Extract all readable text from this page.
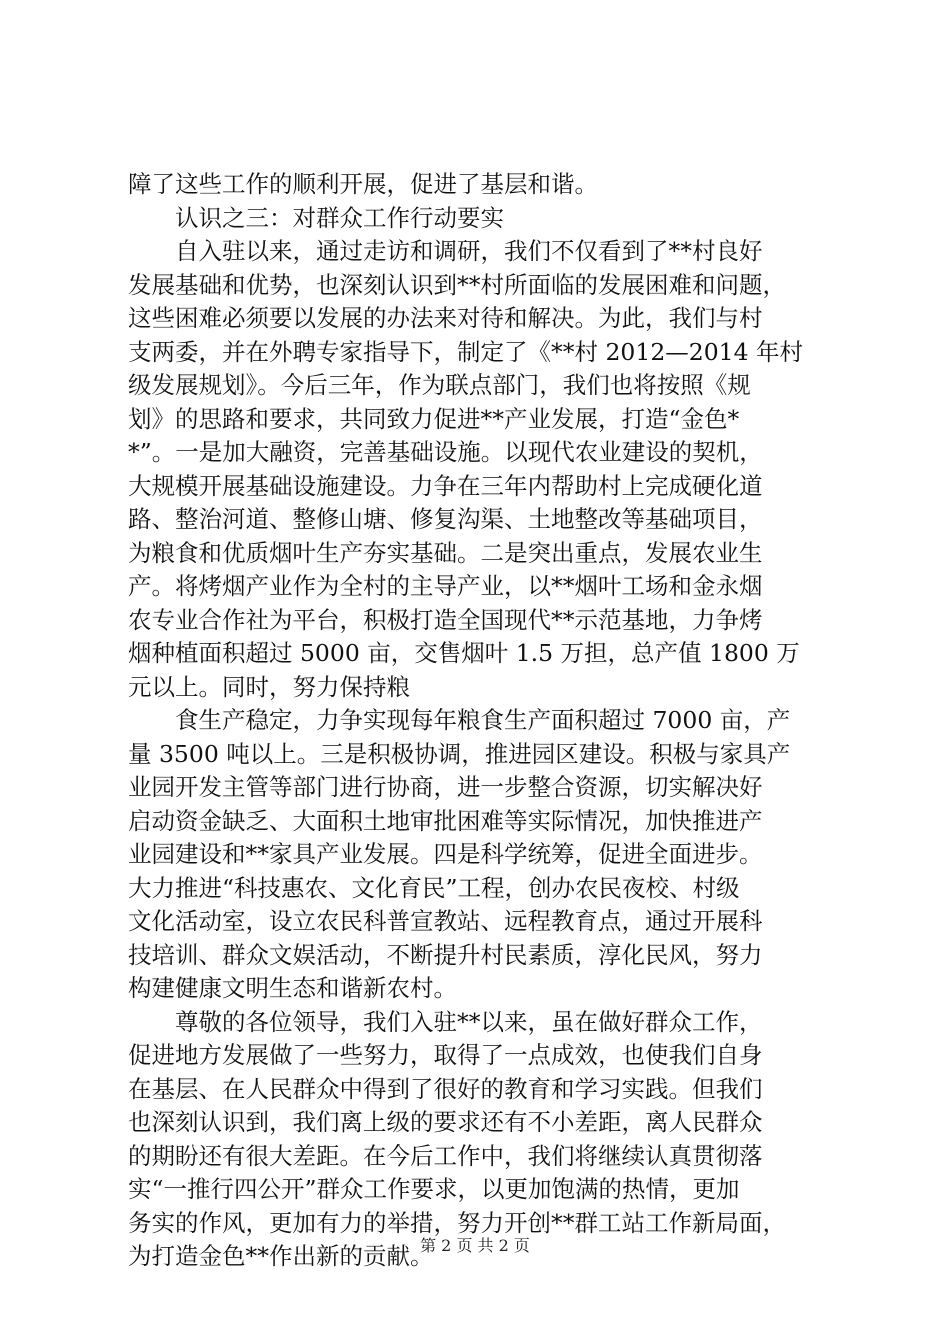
障了这些工作的顺利开展，促进了基层和谐。
认识之三：对群众工作行动要实
自入驻以来，通过走访和调研，我们不仅看到了**村良好
发展基础和优势，也深刻认识到**村所面临的发展困难和问题，
这些困难必须要以发展的办法来对待和解决。为此，我们与村
支两委，并在外聘专家指导下，制定了《**村 2012—2014 年村
级发展规划》。今后三年，作为联点部门，我们也将按照《规
划》的思路和要求，共同致力促进**产业发展，打造“金色*
*”。一是加大融资，完善基础设施。以现代农业建设的契机，
大规模开展基础设施建设。力争在三年内帮助村上完成硬化道
路、整治河道、整修山塘、修复沟渠、土地整改等基础项目，
为粮食和优质烟叶生产夯实基础。二是突出重点，发展农业生
产。将烤烟产业作为全村的主导产业，以**烟叶工场和金永烟
农专业合作社为平台，积极打造全国现代**示范基地，力争烤
烟种植面积超过 5000 亩，交售烟叶 1.5 万担，总产值 1800 万
元以上。同时，努力保持粮
食生产稳定，力争实现每年粮食生产面积超过 7000 亩，产
量 3500 吨以上。三是积极协调，推进园区建设。积极与家具产
业园开发主管等部门进行协商，进一步整合资源，切实解决好
启动资金缺乏、大面积土地审批困难等实际情况，加快推进产
业园建设和**家具产业发展。四是科学统筹，促进全面进步。
大力推进“科技惠农、文化育民”工程，创办农民夜校、村级
文化活动室，设立农民科普宣教站、远程教育点，通过开展科
技培训、群众文娱活动，不断提升村民素质，淳化民风，努力
构建健康文明生态和谐新农村。
尊敬的各位领导，我们入驻**以来，虽在做好群众工作，
促进地方发展做了一些努力，取得了一点成效，也使我们自身
在基层、在人民群众中得到了很好的教育和学习实践。但我们
也深刻认识到，我们离上级的要求还有不小差距，离人民群众
的期盼还有很大差距。在今后工作中，我们将继续认真贯彻落
实“一推行四公开”群众工作要求，以更加饱满的热情，更加
务实的作风，更加有力的举措，努力开创**群工站工作新局面，
为打造金色**作出新的贡献。
第 2 页 共 2 页
